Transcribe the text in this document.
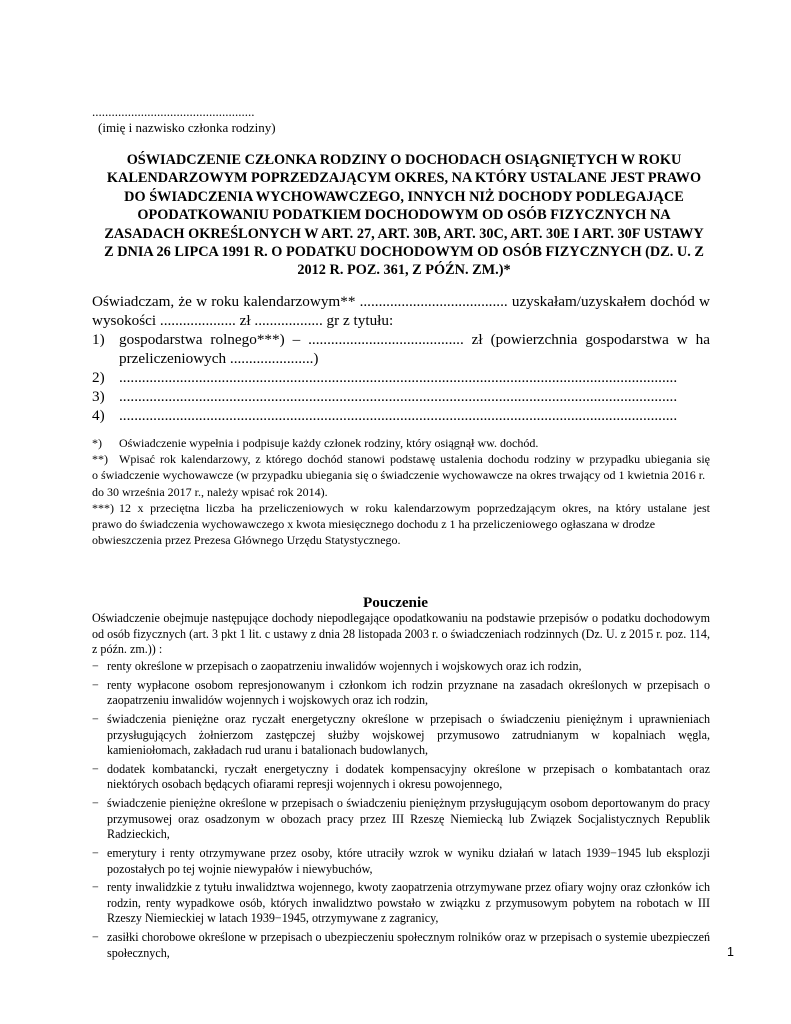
..................................................
(imię i nazwisko członka rodziny)
OŚWIADCZENIE CZŁONKA RODZINY O DOCHODACH OSIĄGNIĘTYCH W ROKU KALENDARZOWYM POPRZEDZAJĄCYM OKRES, NA KTÓRY USTALANE JEST PRAWO DO ŚWIADCZENIA WYCHOWAWCZEGO, INNYCH NIŻ DOCHODY PODLEGAJĄCE OPODATKOWANIU PODATKIEM DOCHODOWYM OD OSÓB FIZYCZNYCH NA ZASADACH OKREŚLONYCH W ART. 27, ART. 30B, ART. 30C, ART. 30E I ART. 30F USTAWY Z DNIA 26 LIPCA 1991 R. O PODATKU DOCHODOWYM OD OSÓB FIZYCZNYCH (DZ. U. Z 2012 R. POZ. 361, Z PÓŹN. ZM.)*

Oświadczam, że w roku kalendarzowym** ....................................... uzyskałam/uzyskałem dochód w

wysokości .................... zł .................. gr z tytułu:

1) gospodarstwa rolnego***) – ......................................... zł (powierzchnia gospodarstwa w ha
przeliczeniowych ......................)
2) ...................................................................................................................................................
3) ...................................................................................................................................................
4) ...................................................................................................................................................
*)	Oświadczenie wypełnia i podpisuje każdy członek rodziny, który osiągnął ww. dochód.
**) Wpisać rok kalendarzowy, z którego dochód stanowi podstawę ustalenia dochodu rodziny w przypadku ubiegania się
o świadczenie wychowawcze (w przypadku ubiegania się o świadczenie wychowawcze na okres trwający od 1 kwietnia 2016 r. do 30 września 2017 r., należy wpisać rok 2014).
***) 12 x przeciętna liczba ha przeliczeniowych w roku kalendarzowym poprzedzającym okres, na który ustalane jest
prawo do świadczenia wychowawczego x kwota miesięcznego dochodu z 1 ha przeliczeniowego ogłaszana w drodze obwieszczenia przez Prezesa Głównego Urzędu Statystycznego.
Pouczenie

Oświadczenie obejmuje następujące dochody niepodlegające opodatkowaniu na podstawie przepisów o podatku dochodowym od osób fizycznych (art. 3 pkt 1 lit. c ustawy z dnia 28 listopada 2003 r. o świadczeniach rodzinnych (Dz. U. z 2015 r. poz. 114, z późn. zm.)) :

− renty określone w przepisach o zaopatrzeniu inwalidów wojennych i wojskowych oraz ich rodzin,
− renty wypłacone osobom represjonowanym i członkom ich rodzin przyznane na zasadach określonych w przepisach o zaopatrzeniu inwalidów wojennych i wojskowych oraz ich rodzin,
− świadczenia pieniężne oraz ryczałt energetyczny określone w przepisach o świadczeniu pieniężnym i uprawnieniach przysługujących żołnierzom zastępczej służby wojskowej przymusowo zatrudnianym w kopalniach węgla, kamieniołomach, zakładach rud uranu i batalionach budowlanych,
− dodatek kombatancki, ryczałt energetyczny i dodatek kompensacyjny określone w przepisach o kombatantach oraz niektórych osobach będących ofiarami represji wojennych i okresu powojennego,
− świadczenie pieniężne określone w przepisach o świadczeniu pieniężnym przysługującym osobom deportowanym do pracy przymusowej oraz osadzonym w obozach pracy przez III Rzeszę Niemiecką lub Związek Socjalistycznych Republik Radzieckich,
− emerytury i renty otrzymywane przez osoby, które utraciły wzrok w wyniku działań w latach 1939−1945 lub eksplozji pozostałych po tej wojnie niewypałów i niewybuchów,
− renty inwalidzkie z tytułu inwalidztwa wojennego, kwoty zaopatrzenia otrzymywane przez ofiary wojny oraz członków ich rodzin, renty wypadkowe osób, których inwalidztwo powstało w związku z przymusowym pobytem na robotach w III Rzeszy Niemieckiej w latach 1939−1945, otrzymywane z zagranicy,
− zasiłki chorobowe określone w przepisach o ubezpieczeniu społecznym rolników oraz w przepisach o systemie ubezpieczeń społecznych,	1
